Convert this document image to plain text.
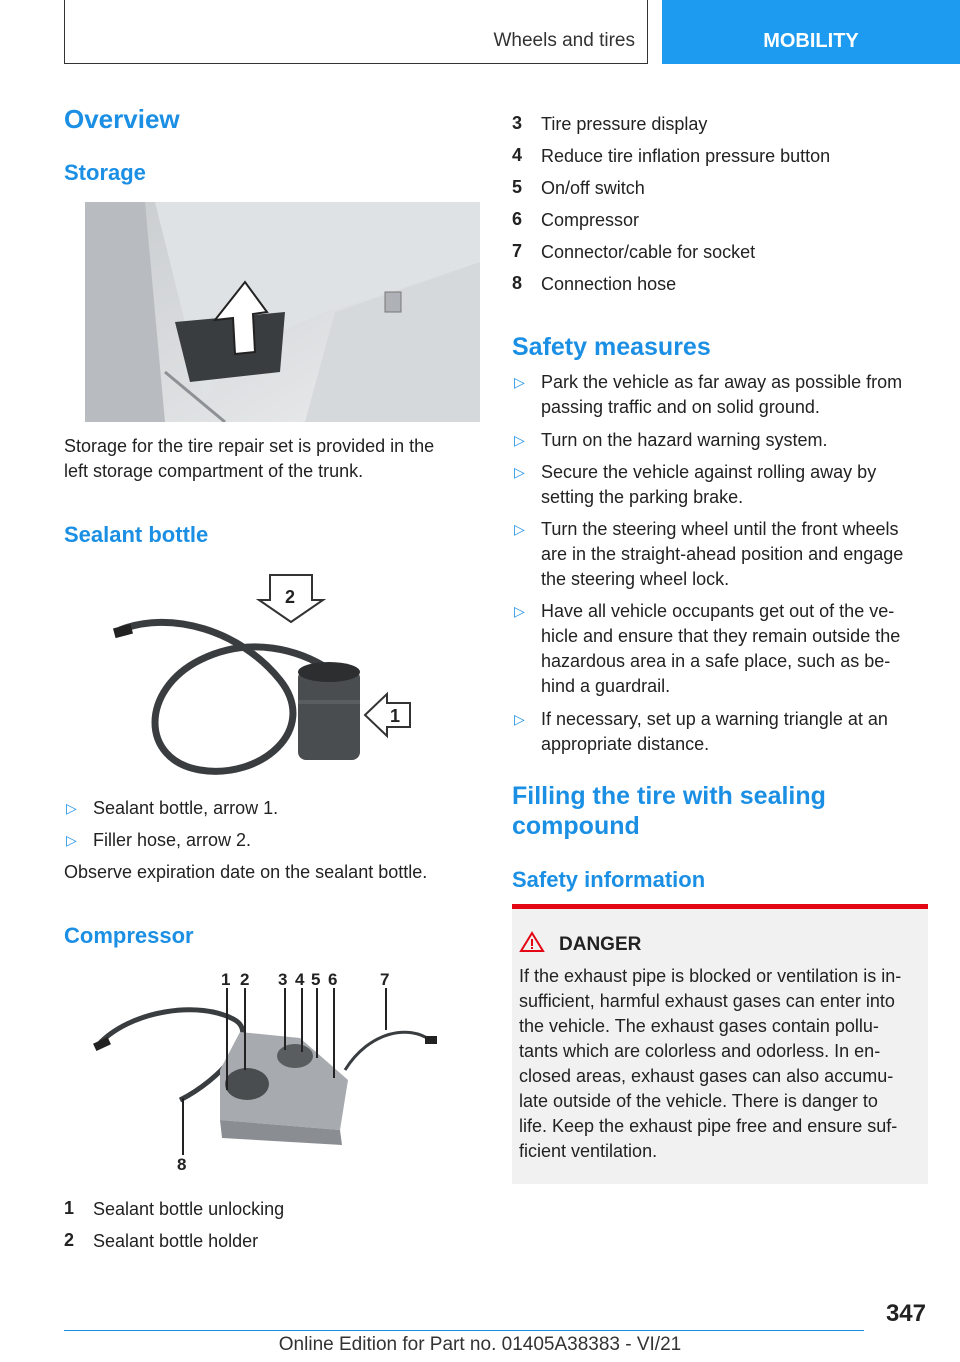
Wheels and tires	MOBILITY
Overview
Storage
Storage for the tire repair set is provided in the
left storage compartment of the trunk.
Sealant bottle
2
1
▷ Sealant bottle, arrow 1.
▷ Filler hose, arrow 2.
Observe expiration date on the sealant bottle.
Compressor
1 2 3 4 5 6	7
8
1 Sealant bottle unlocking
2 Sealant bottle holder
3 Tire pressure display
4 Reduce tire inflation pressure button
5 On/off switch
6 Compressor
7 Connector/cable for socket
8 Connection hose
Safety measures
▷ Park the vehicle as far away as possible from
passing traffic and on solid ground.
▷ Turn on the hazard warning system.
▷ Secure the vehicle against rolling away by
setting the parking brake.
▷ Turn the steering wheel until the front wheels
are in the straight-ahead position and engage
the steering wheel lock.
▷ Have all vehicle occupants get out of the ve‐
hicle and ensure that they remain outside the
hazardous area in a safe place, such as be‐
hind a guardrail.
▷ If necessary, set up a warning triangle at an
appropriate distance.
Filling the tire with sealing
compound
Safety information
DANGER
If the exhaust pipe is blocked or ventilation is in‐
sufficient, harmful exhaust gases can enter into
the vehicle. The exhaust gases contain pollu‐
tants which are colorless and odorless. In en‐
closed areas, exhaust gases can also accumu‐
late outside of the vehicle. There is danger to
life. Keep the exhaust pipe free and ensure suf‐
ficient ventilation.
347
Online Edition for Part no. 01405A38383 - VI/21
